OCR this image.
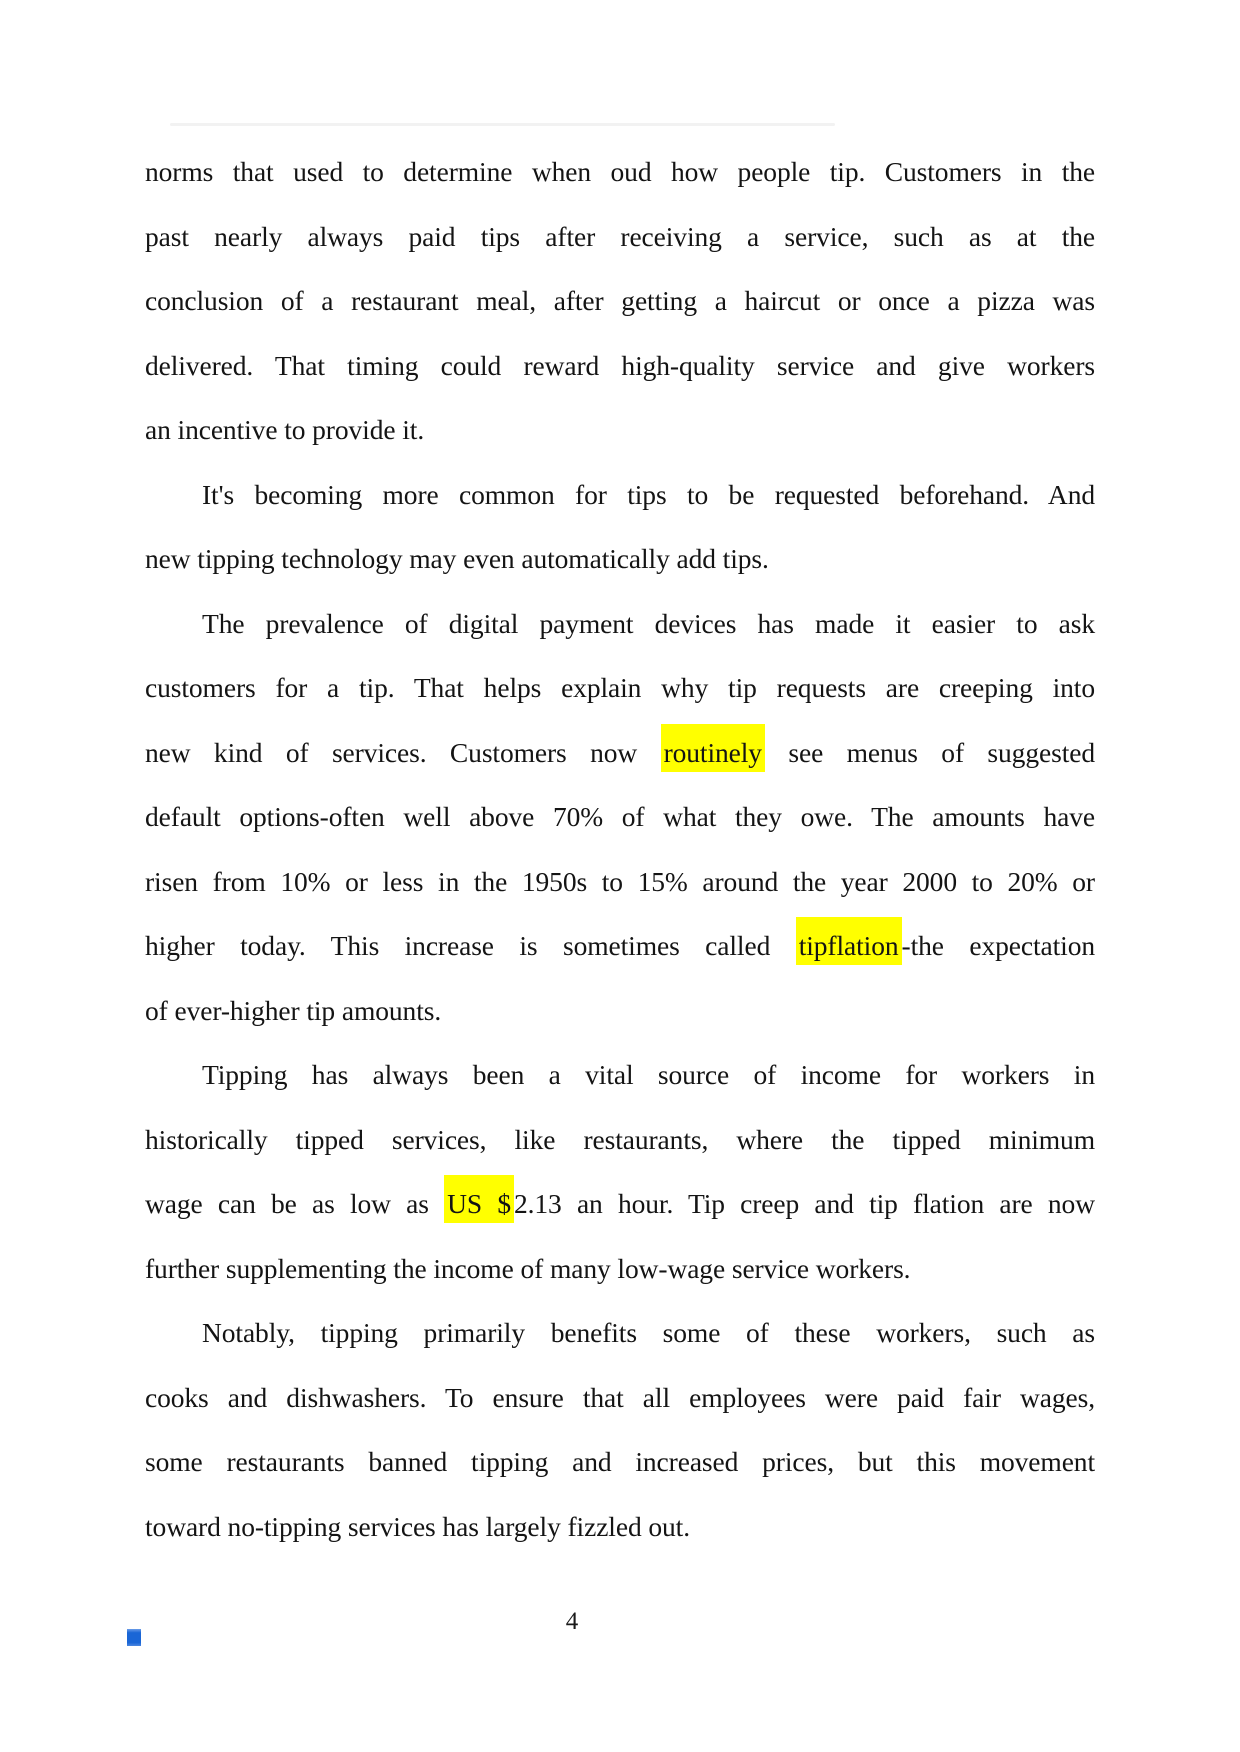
norms that used to determine when oud how people tip. Customers in the
past nearly always paid tips after receiving a service, such as at the
conclusion of a restaurant meal, after getting a haircut or once a pizza was
delivered. That timing could reward high-quality service and give workers
an incentive to provide it.
It's becoming more common for tips to be requested beforehand. And
new tipping technology may even automatically add tips.
The prevalence of digital payment devices has made it easier to ask
customers for a tip. That helps explain why tip requests are creeping into
new kind of services. Customers now routinely see menus of suggested
default options-often well above 70% of what they owe. The amounts have
risen from 10% or less in the 1950s to 15% around the year 2000 to 20% or
higher today. This increase is sometimes called tipflation -the expectation
of ever-higher tip amounts.
Tipping has always been a vital source of income for workers in
historically tipped services, like restaurants, where the tipped minimum
wage can be as low as US $ 2.13 an hour. Tip creep and tip flation are now
further supplementing the income of many low-wage service workers.
Notably, tipping primarily benefits some of these workers, such as
cooks and dishwashers. To ensure that all employees were paid fair wages,
some restaurants banned tipping and increased prices, but this movement
toward no-tipping services has largely fizzled out.
4
